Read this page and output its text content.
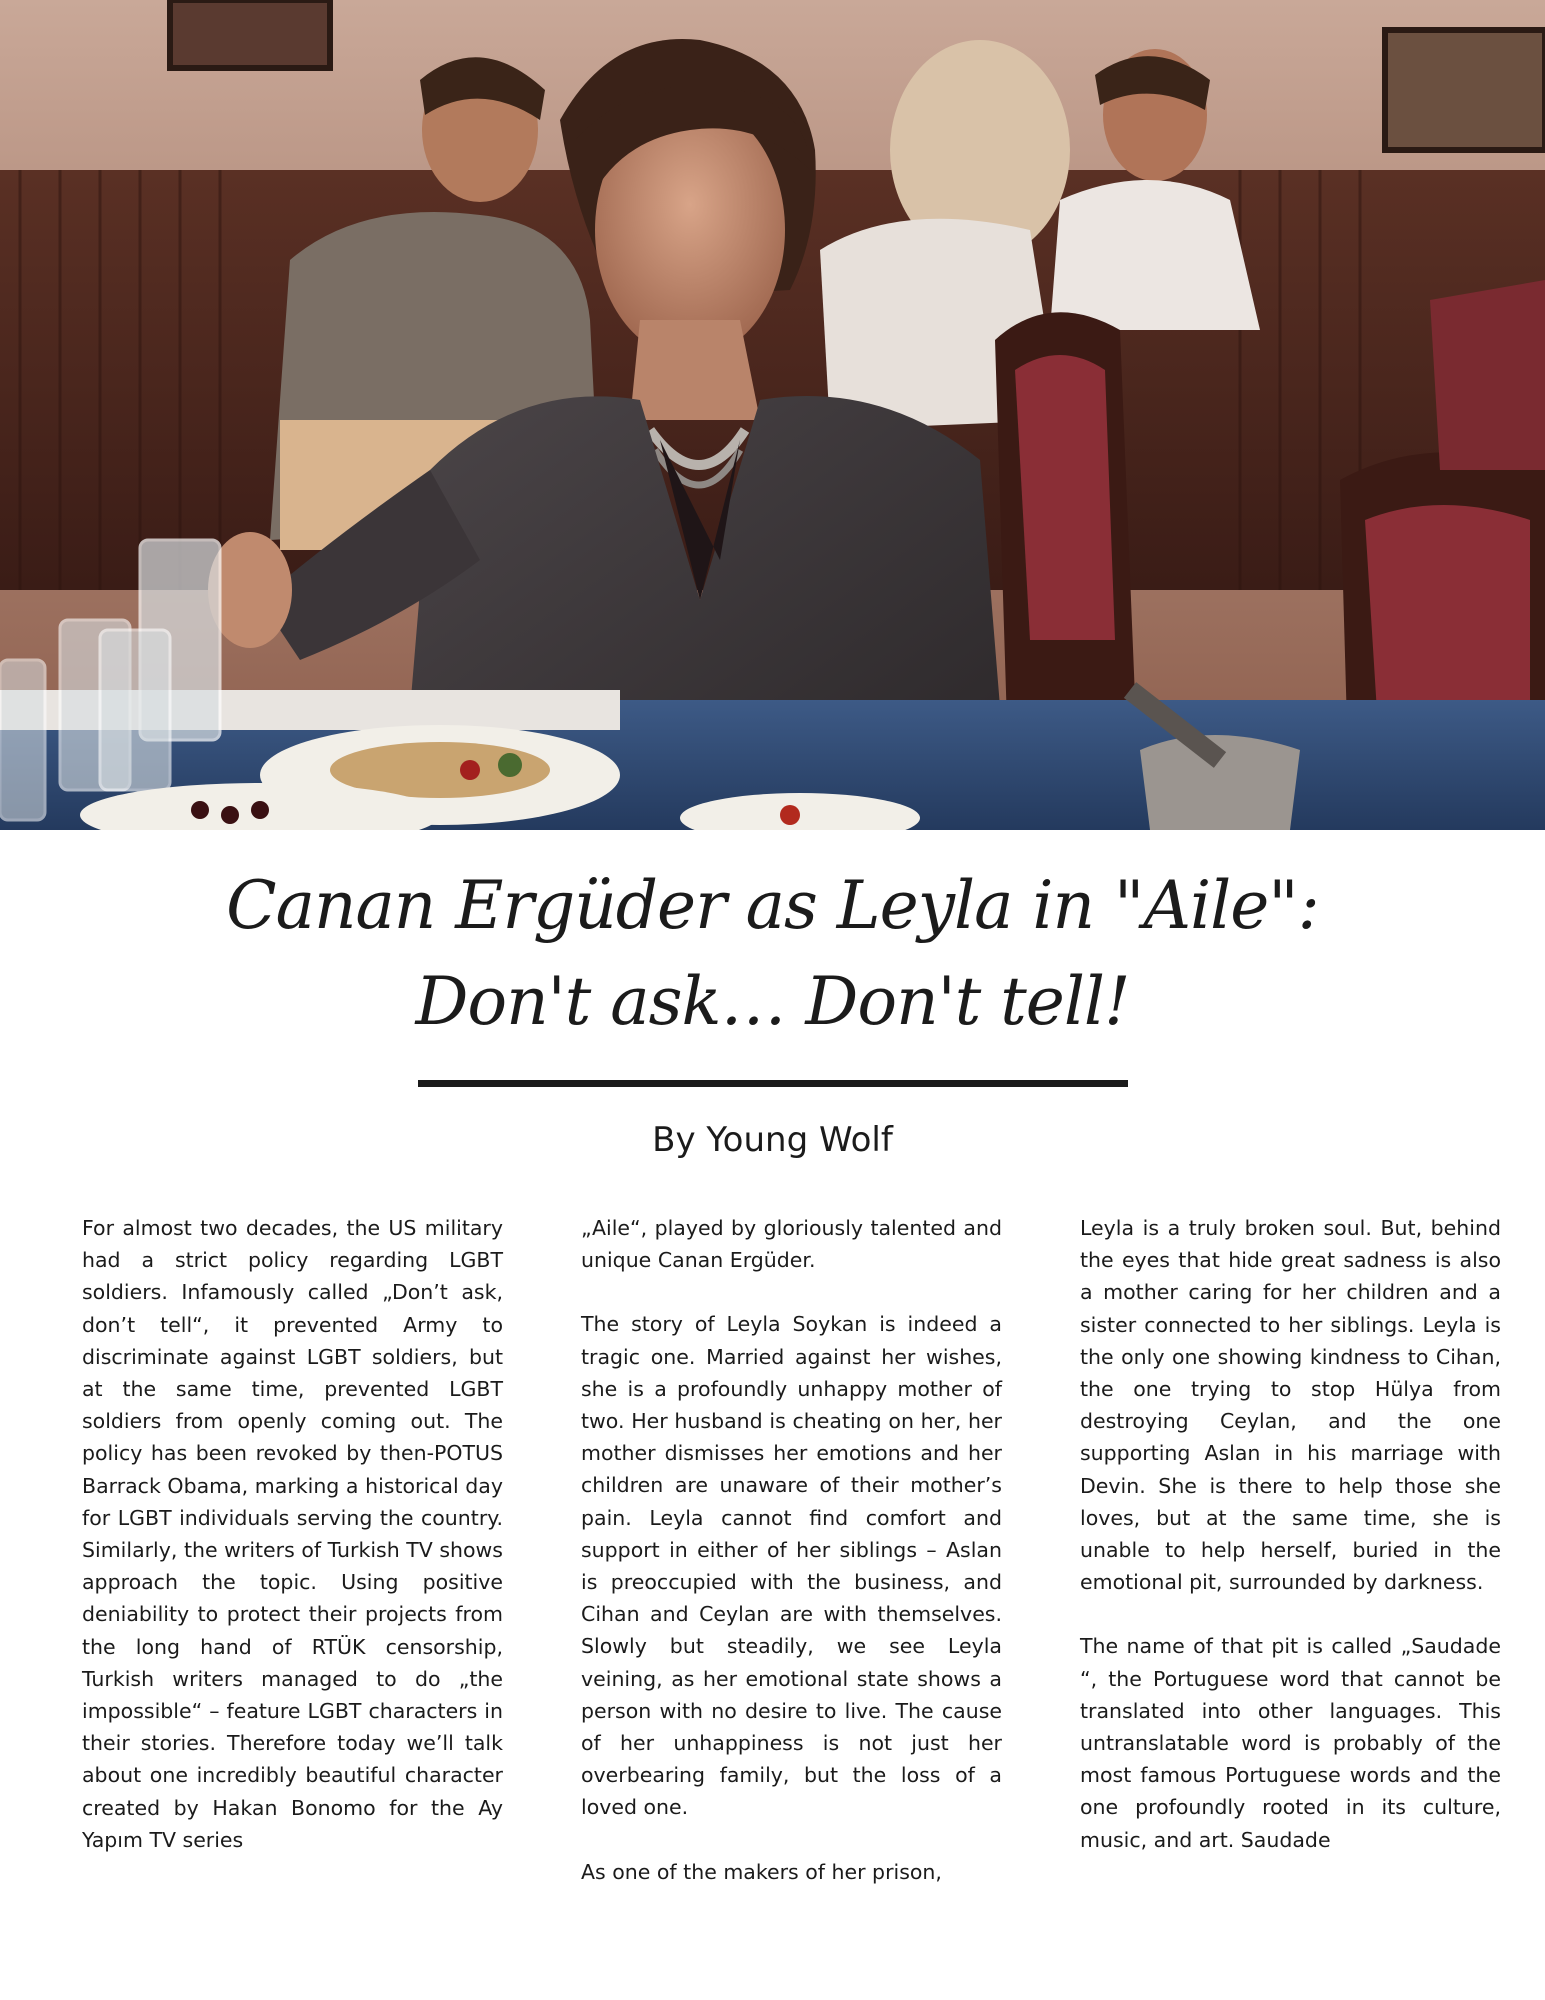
Canan Ergüder as Leyla in "Aile":
Don't ask… Don't tell!
By Young Wolf

For almost two decades, the US military had a strict policy regarding LGBT soldiers. Infamously called „Don’t ask, don’t tell“, it prevented Army to discriminate against LGBT soldiers, but at the same time, prevented LGBT soldiers from openly coming out. The policy has been revoked by then-POTUS Barrack Obama, marking a historical day for LGBT individuals serving the country. Similarly, the writers of Turkish TV shows approach the topic. Using positive deniability to protect their projects from the long hand of RTÜK censorship, Turkish writers managed to do „the impossible“ – feature LGBT characters in their stories. Therefore today we’ll talk about one incredibly beautiful character created by Hakan Bonomo for the Ay Yapım TV series

„Aile“, played by gloriously talented and unique Canan Ergüder.

The story of Leyla Soykan is indeed a tragic one. Married against her wishes, she is a profoundly unhappy mother of two. Her husband is cheating on her, her mother dismisses her emotions and her children are unaware of their mother’s pain. Leyla cannot find comfort and support in either of her siblings – Aslan is preoccupied with the business, and Cihan and Ceylan are with themselves. Slowly but steadily, we see Leyla veining, as her emotional state shows a person with no desire to live. The cause of her unhappiness is not just her overbearing family, but the loss of a loved one.

As one of the makers of her prison,

Leyla is a truly broken soul. But, behind the eyes that hide great sadness is also a mother caring for her children and a sister connected to her siblings. Leyla is the only one showing kindness to Cihan, the one trying to stop Hülya from destroying Ceylan, and the one supporting Aslan in his marriage with Devin. She is there to help those she loves, but at the same time, she is unable to help herself, buried in the emotional pit, surrounded by darkness.

The name of that pit is called „Saudade “, the Portuguese word that cannot be translated into other languages. This untranslatable word is probably of the most famous Portuguese words and the one profoundly rooted in its culture, music, and art. Saudade
